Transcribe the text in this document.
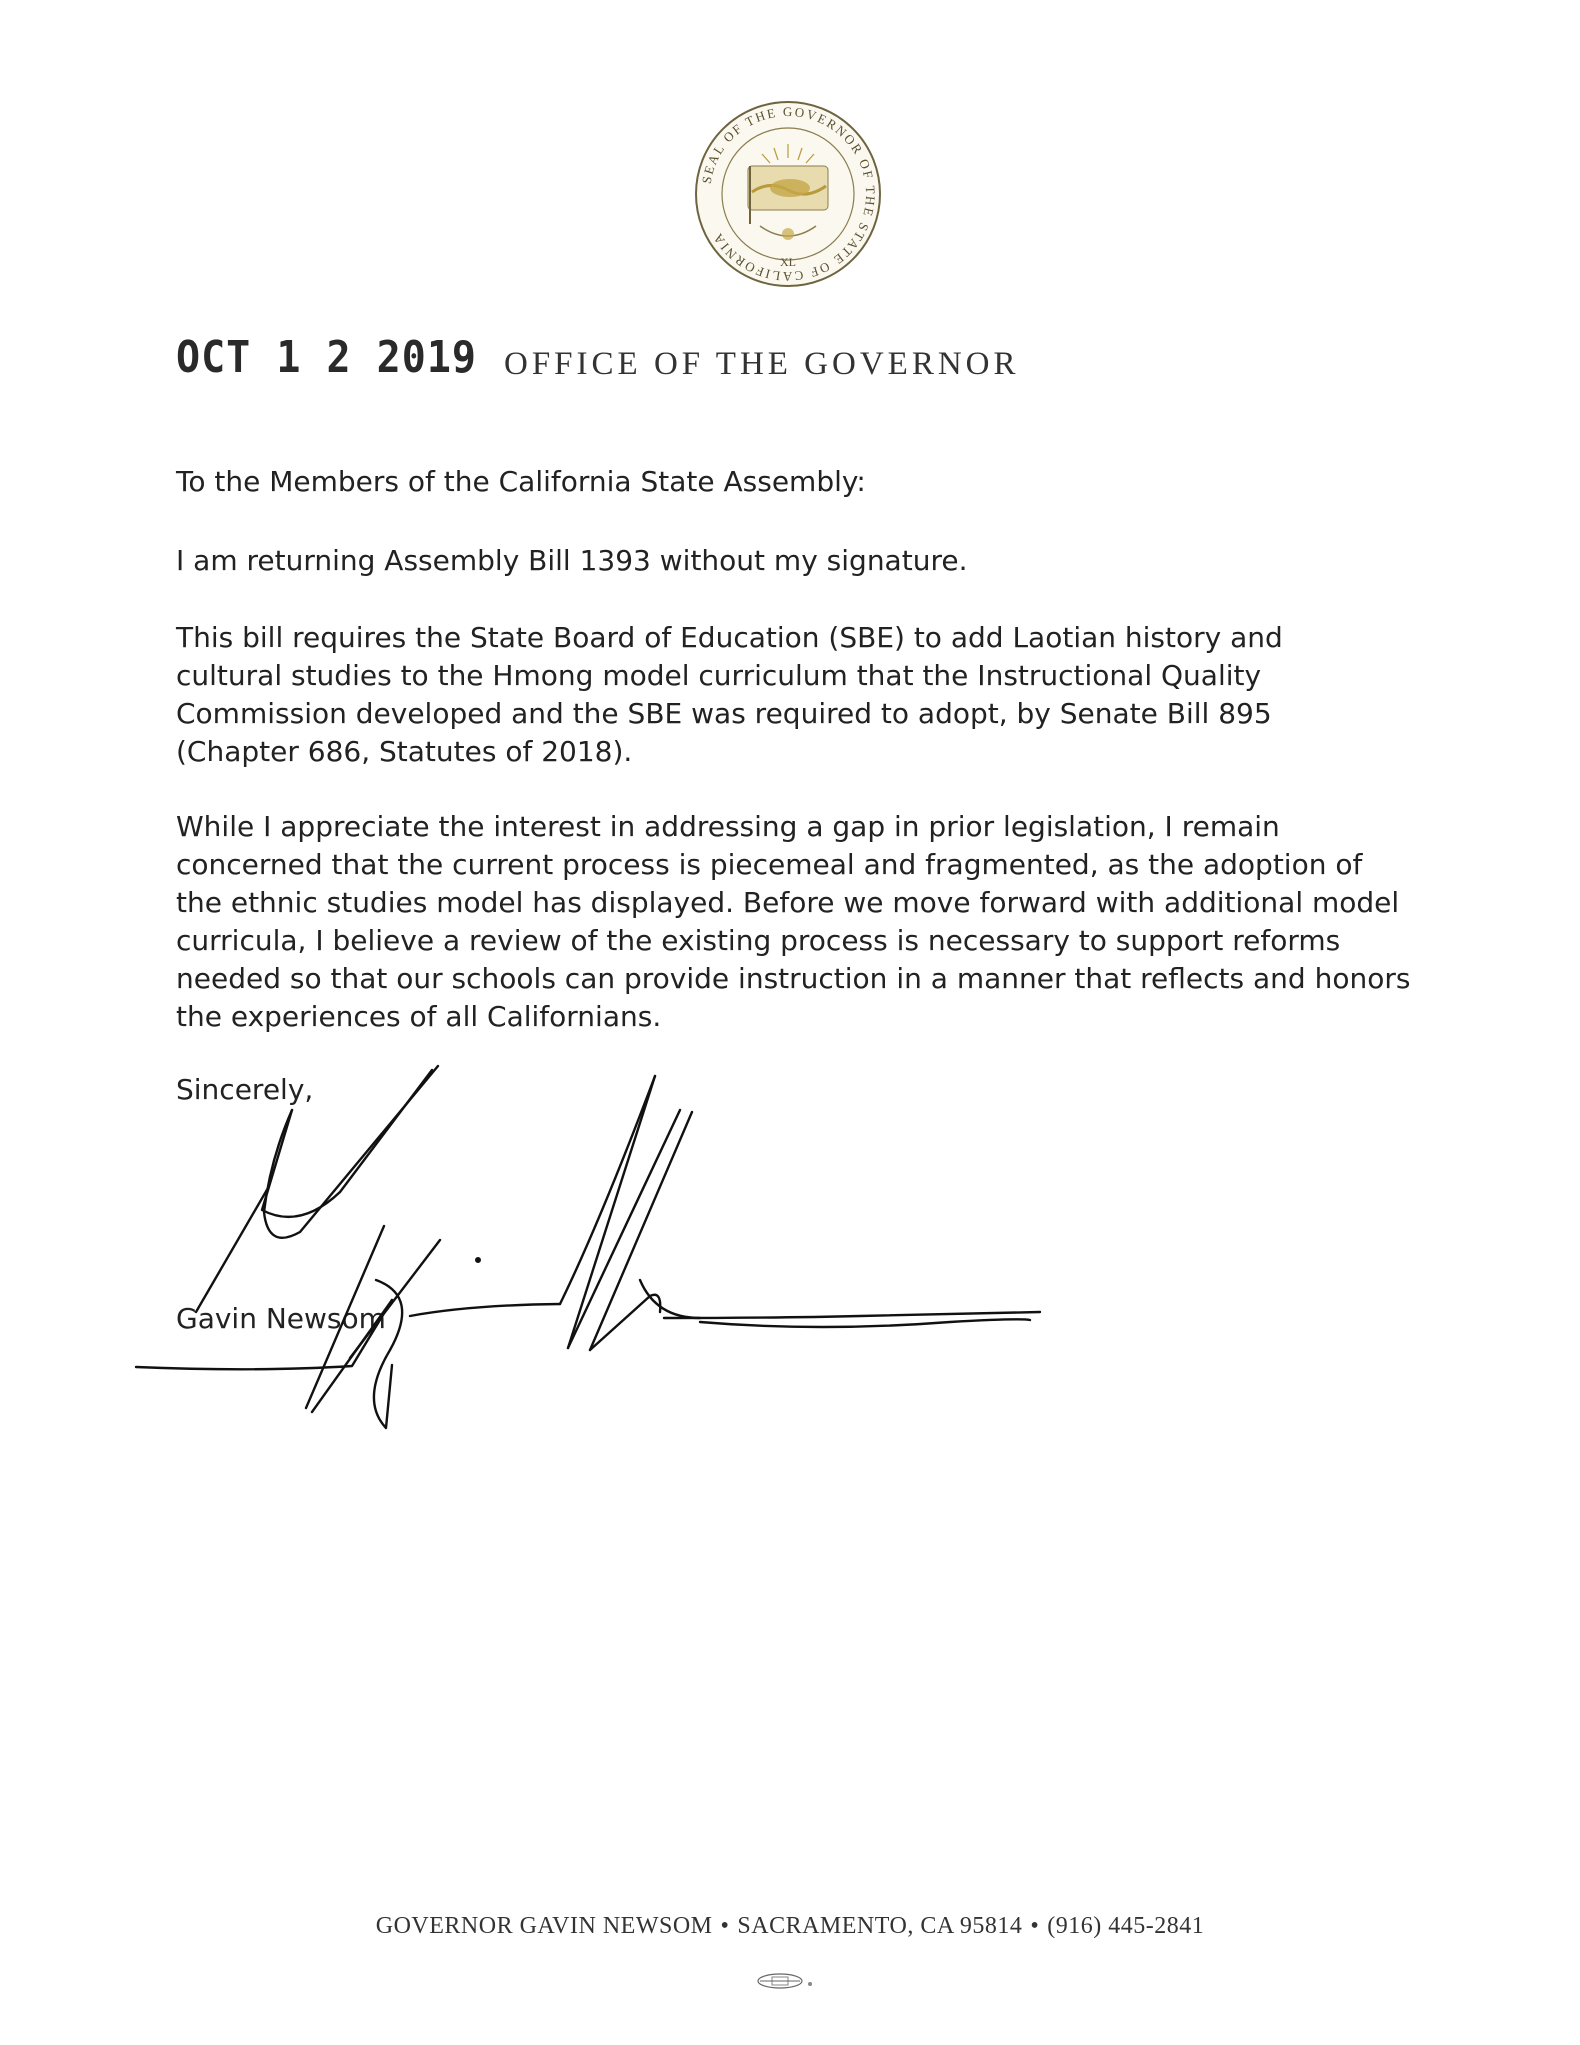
SEAL OF THE GOVERNOR OF THE STATE OF CALIFORNIA
XL
OCT 1 2 2019 OFFICE OF THE GOVERNOR

To the Members of the California State Assembly:

I am returning Assembly Bill 1393 without my signature.

This bill requires the State Board of Education (SBE) to add Laotian history and cultural studies to the Hmong model curriculum that the Instructional Quality Commission developed and the SBE was required to adopt, by Senate Bill 895 (Chapter 686, Statutes of 2018).

While I appreciate the interest in addressing a gap in prior legislation, I remain concerned that the current process is piecemeal and fragmented, as the adoption of the ethnic studies model has displayed. Before we move forward with additional model curricula, I believe a review of the existing process is necessary to support reforms needed so that our schools can provide instruction in a manner that reflects and honors the experiences of all Californians.

Sincerely,
Gavin Newsom
GOVERNOR GAVIN NEWSOM • SACRAMENTO, CA 95814 • (916) 445-2841
